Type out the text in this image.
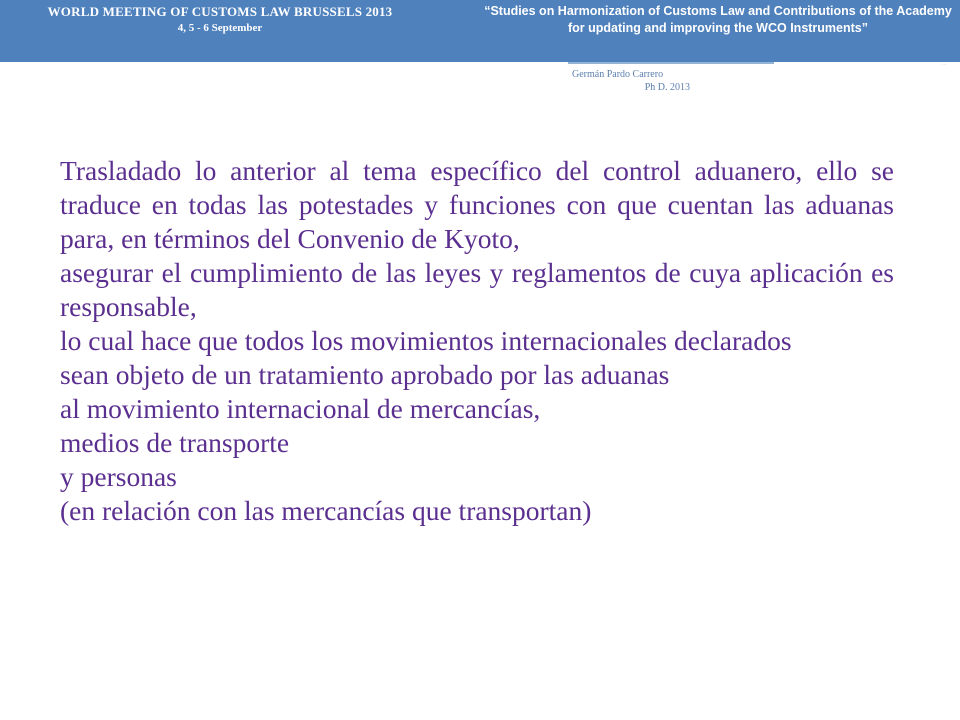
WORLD MEETING OF CUSTOMS LAW BRUSSELS 2013
4, 5 - 6 September
“Studies on Harmonization of Customs Law and Contributions of the Academy for updating and improving the WCO Instruments”
Germán Pardo Carrero
Ph D. 2013
···

Trasladado lo anterior al tema específico del control aduanero, ello se traduce en todas las potestades y funciones con que cuentan las aduanas para, en términos del Convenio de Kyoto,

asegurar el cumplimiento de las leyes y reglamentos de cuya aplicación es responsable,

lo cual hace que todos los movimientos internacionales declarados

sean objeto de un tratamiento aprobado por las aduanas

al movimiento internacional de mercancías,

medios de transporte

y personas

(en relación con las mercancías que transportan)
